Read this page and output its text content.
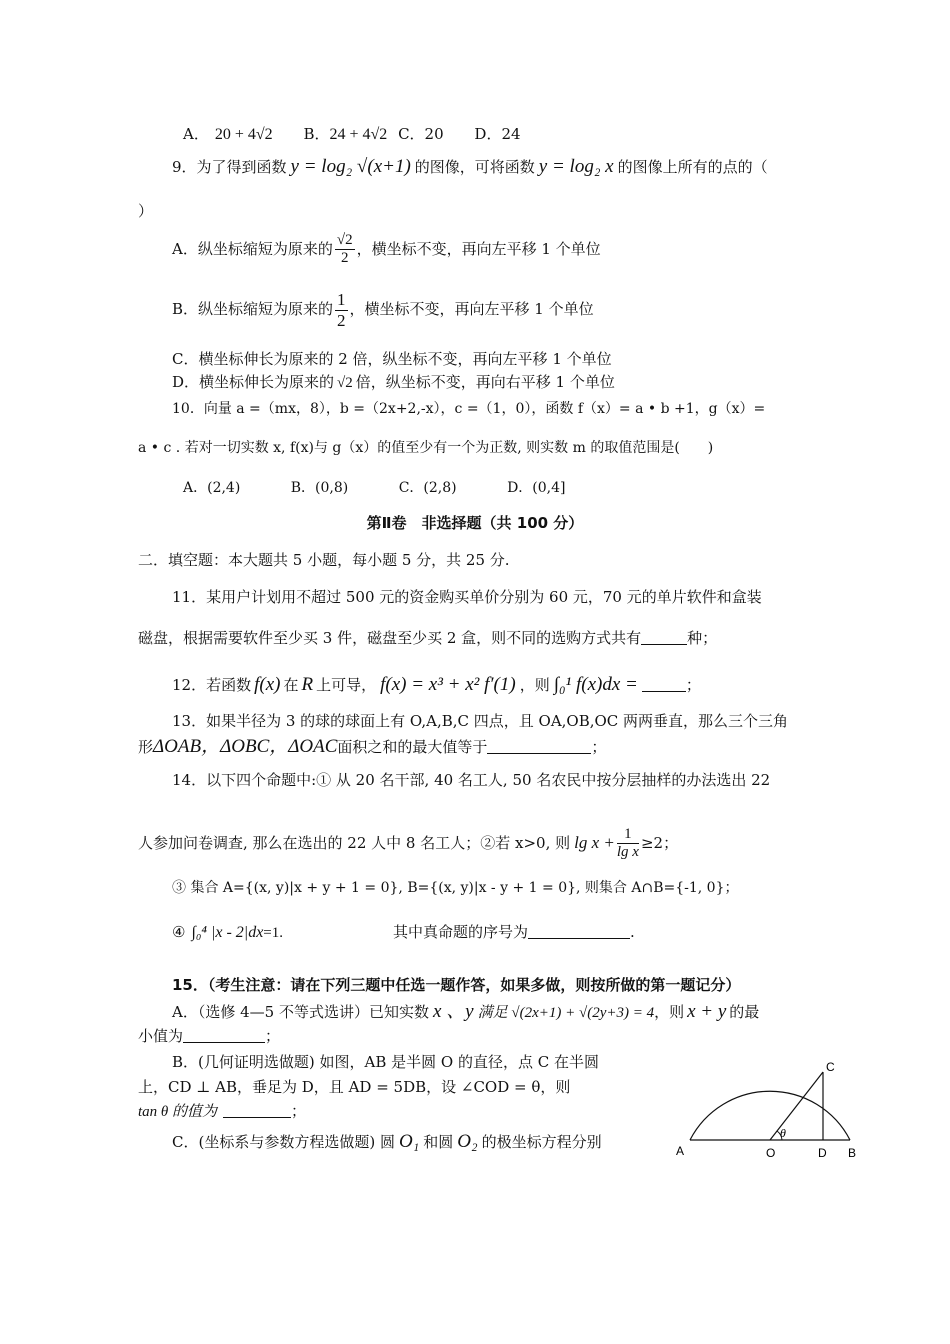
A． 20 + 4√2 B．24 + 4√2 C．20 D．24
9．为了得到函数 y = log₂ √(x+1) 的图像，可将函数 y = log₂ x 的图像上所有的点的（
）
A．纵坐标缩短为原来的 $\frac{√2}{2}$ ，横坐标不变，再向左平移 1 个单位
B．纵坐标缩短为原来的 $\frac{1}{2}$ ，横坐标不变，再向左平移 1 个单位
C．横坐标伸长为原来的 2 倍，纵坐标不变，再向左平移 1 个单位
D．横坐标伸长为原来的 √2 倍，纵坐标不变，再向右平移 1 个单位
10．向量 a =（mx，8），b =（2x+2,-x），c =（1，0），函数 f（x）= a • b +1，g（x）=
a • c . 若对一切实数 x, f(x)与 g（x）的值至少有一个为正数, 则实数 m 的取值范围是(　　)
A．(2,4)	B．(0,8)	C．(2,8)	D．(0,4]
第Ⅱ卷　非选择题（共 100 分）
二．填空题：本大题共 5 小题，每小题 5 分，共 25 分.
11．某用户计划用不超过 500 元的资金购买单价分别为 60 元，70 元的单片软件和盒装
磁盘，根据需要软件至少买 3 件，磁盘至少买 2 盒，则不同的选购方式共有	种；
12．若函数 f(x) 在 R 上可导， f(x) = x³ + x² f′(1) ，则 ∫₀¹ f(x)dx =	；
13．如果半径为 3 的球的球面上有 O,A,B,C 四点，且 OA,OB,OC 两两垂直，那么三个三角
形ΔOAB，ΔOBC，ΔOAC面积之和的最大值等于	；
14．以下四个命题中:① 从 20 名干部, 40 名工人, 50 名农民中按分层抽样的办法选出 22
人参加问卷调查, 那么在选出的 22 人中 8 名工人；②若 x>0, 则 $\lg x + \frac{1}{\text{lg x}} \ge 2$；
③ 集合 A={(x, y)|x + y + 1 = 0}, B={(x, y)|x - y + 1 = 0}, 则集合 A∩B={-1, 0}；
④ ∫₀⁴ |x - 2|dx=1.	其中真命题的序号为	.
15．（考生注意：请在下列三题中任选一题作答，如果多做，则按所做的第一题记分）
A．（选修 4—5 不等式选讲）已知实数 x 、y 满足 √(2x+1) + √(2y+3) = 4，则 x + y 的最
小值为	；
B．(几何证明选做题) 如图，AB 是半圆 O 的直径，点 C 在半圆
上，CD ⊥ AB，垂足为 D，且 AD = 5DB，设 ∠COD = θ，则
tan θ 的值为	；
C．(坐标系与参数方程选做题) 圆 O₁ 和圆 O₂ 的极坐标方程分别	A	O	D B
C
θ
